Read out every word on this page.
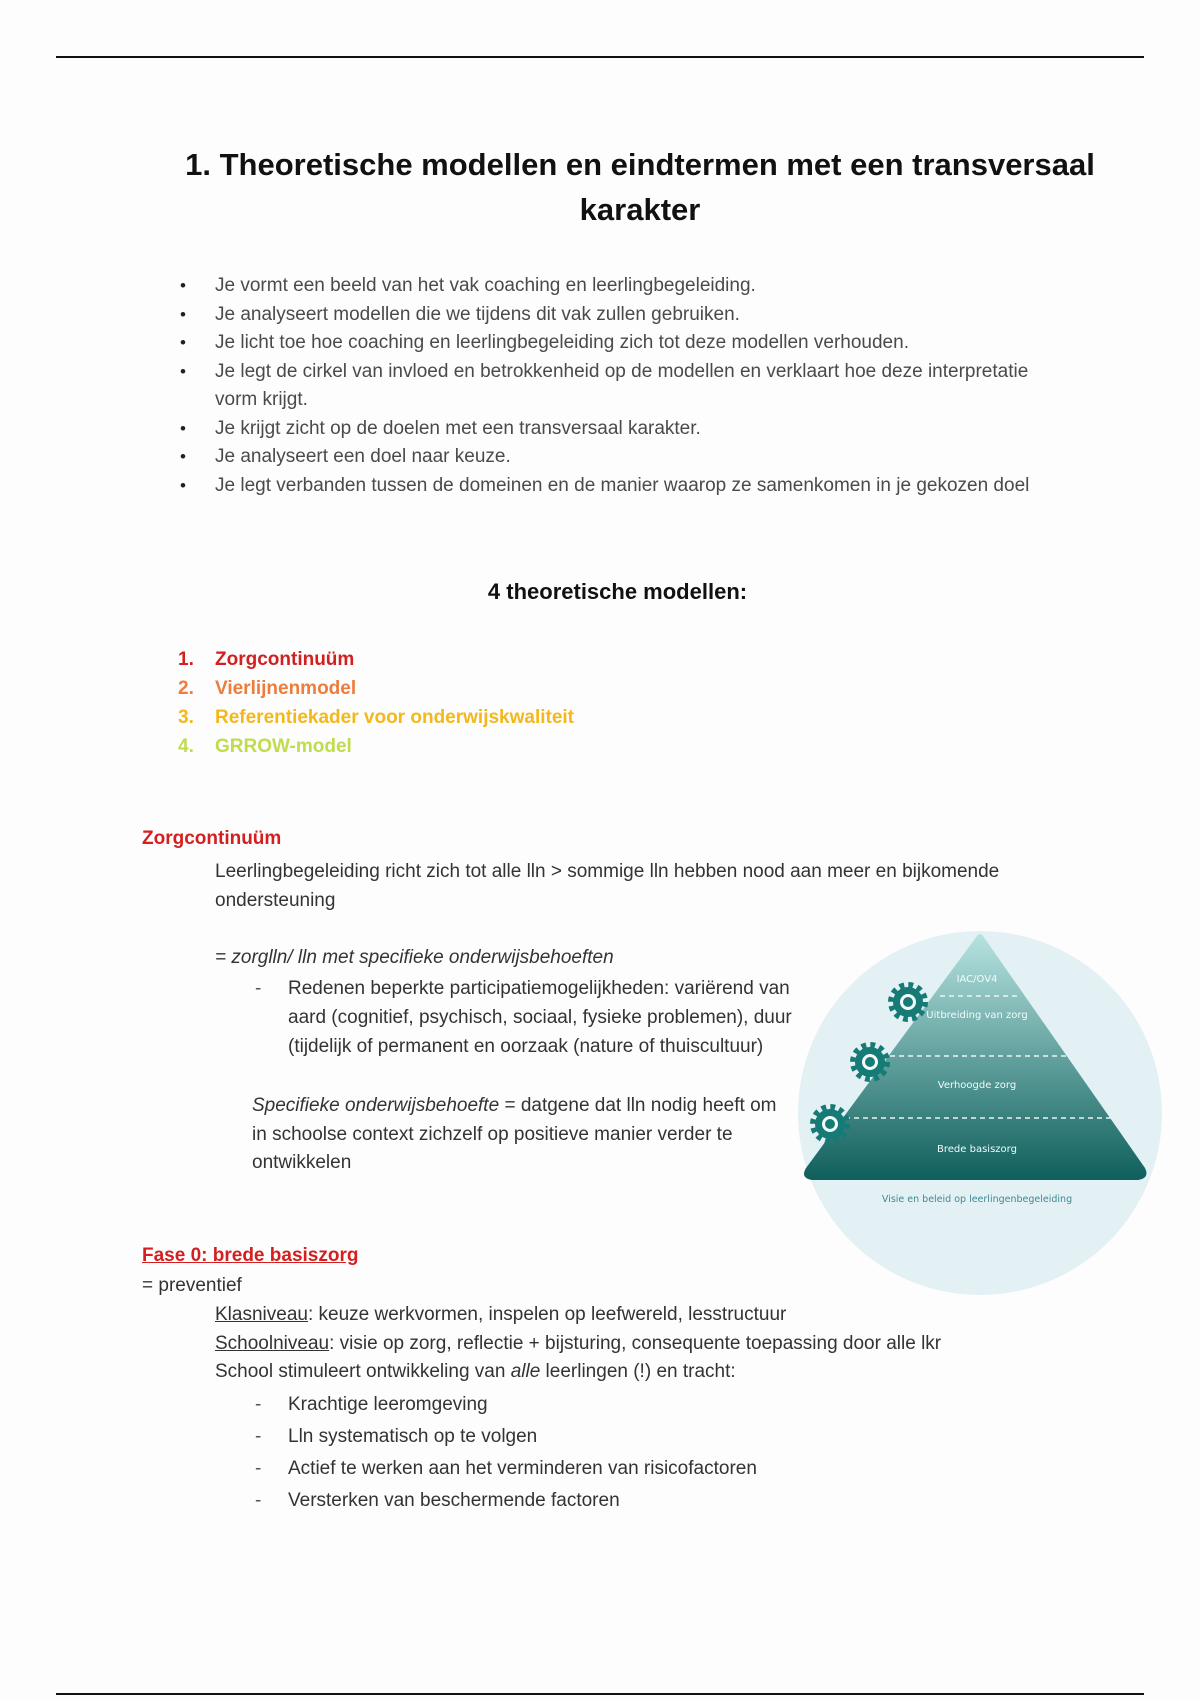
1. Theoretische modellen en eindtermen met een transversaal karakter
• Je vormt een beeld van het vak coaching en leerlingbegeleiding.
• Je analyseert modellen die we tijdens dit vak zullen gebruiken.
• Je licht toe hoe coaching en leerlingbegeleiding zich tot deze modellen verhouden.
• Je legt de cirkel van invloed en betrokkenheid op de modellen en verklaart hoe deze interpretatie vorm krijgt.
• Je krijgt zicht op de doelen met een transversaal karakter.
• Je analyseert een doel naar keuze.
• Je legt verbanden tussen de domeinen en de manier waarop ze samenkomen in je gekozen doel
4 theoretische modellen:
1. Zorgcontinuüm
2. Vierlijnenmodel
3. Referentiekader voor onderwijskwaliteit
4. GRROW-model
Zorgcontinuüm
Leerlingbegeleiding richt zich tot alle lln > sommige lln hebben nood aan meer en bijkomende ondersteuning
= zorglln/ lln met specifieke onderwijsbehoeften
- Redenen beperkte participatiemogelijkheden: variërend van aard (cognitief, psychisch, sociaal, fysieke problemen), duur (tijdelijk of permanent en oorzaak (nature of thuiscultuur)
Specifieke onderwijsbehoefte = datgene dat lln nodig heeft om in schoolse context zichzelf op positieve manier verder te ontwikkelen
IAC/OV4
Uitbreiding van zorg
Verhoogde zorg
Brede basiszorg
Visie en beleid op leerlingenbegeleiding
Fase 0: brede basiszorg
= preventief
Klasniveau: keuze werkvormen, inspelen op leefwereld, lesstructuur
Schoolniveau: visie op zorg, reflectie + bijsturing, consequente toepassing door alle lkr
School stimuleert ontwikkeling van alle leerlingen (!) en tracht:
- Krachtige leeromgeving
- Lln systematisch op te volgen
- Actief te werken aan het verminderen van risicofactoren
- Versterken van beschermende factoren
